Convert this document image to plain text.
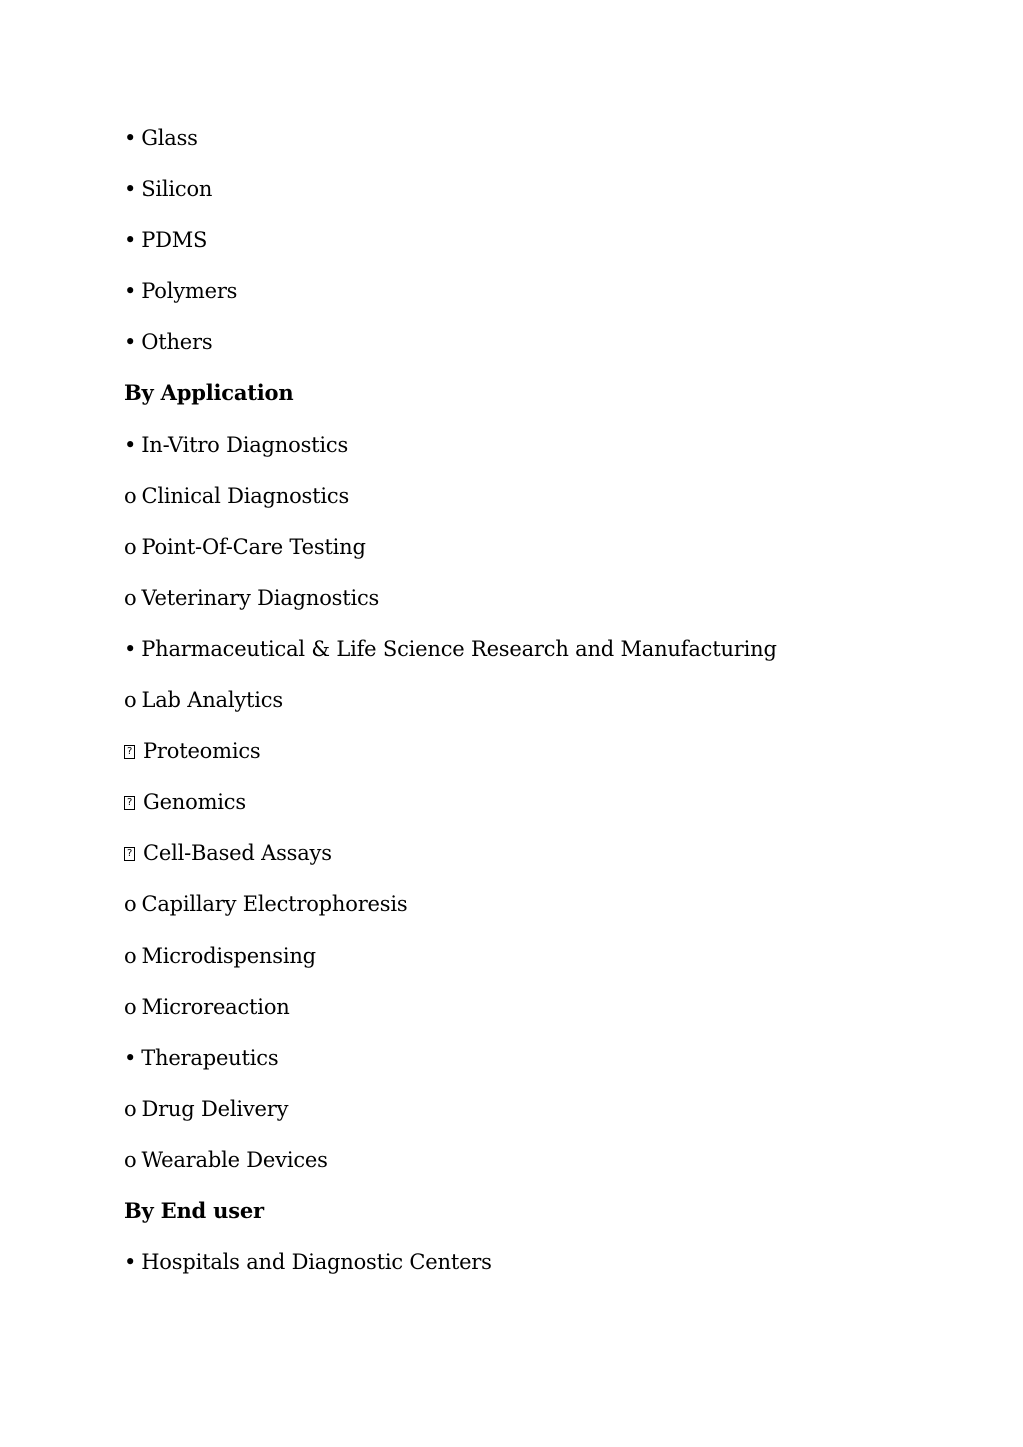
• Glass
• Silicon
• PDMS
• Polymers
• Others
By Application
• In-Vitro Diagnostics
o Clinical Diagnostics
o Point-Of-Care Testing
o Veterinary Diagnostics
• Pharmaceutical & Life Science Research and Manufacturing
o Lab Analytics
?Proteomics
?Genomics
?Cell-Based Assays
o Capillary Electrophoresis
o Microdispensing
o Microreaction
• Therapeutics
o Drug Delivery
o Wearable Devices
By End user
• Hospitals and Diagnostic Centers
